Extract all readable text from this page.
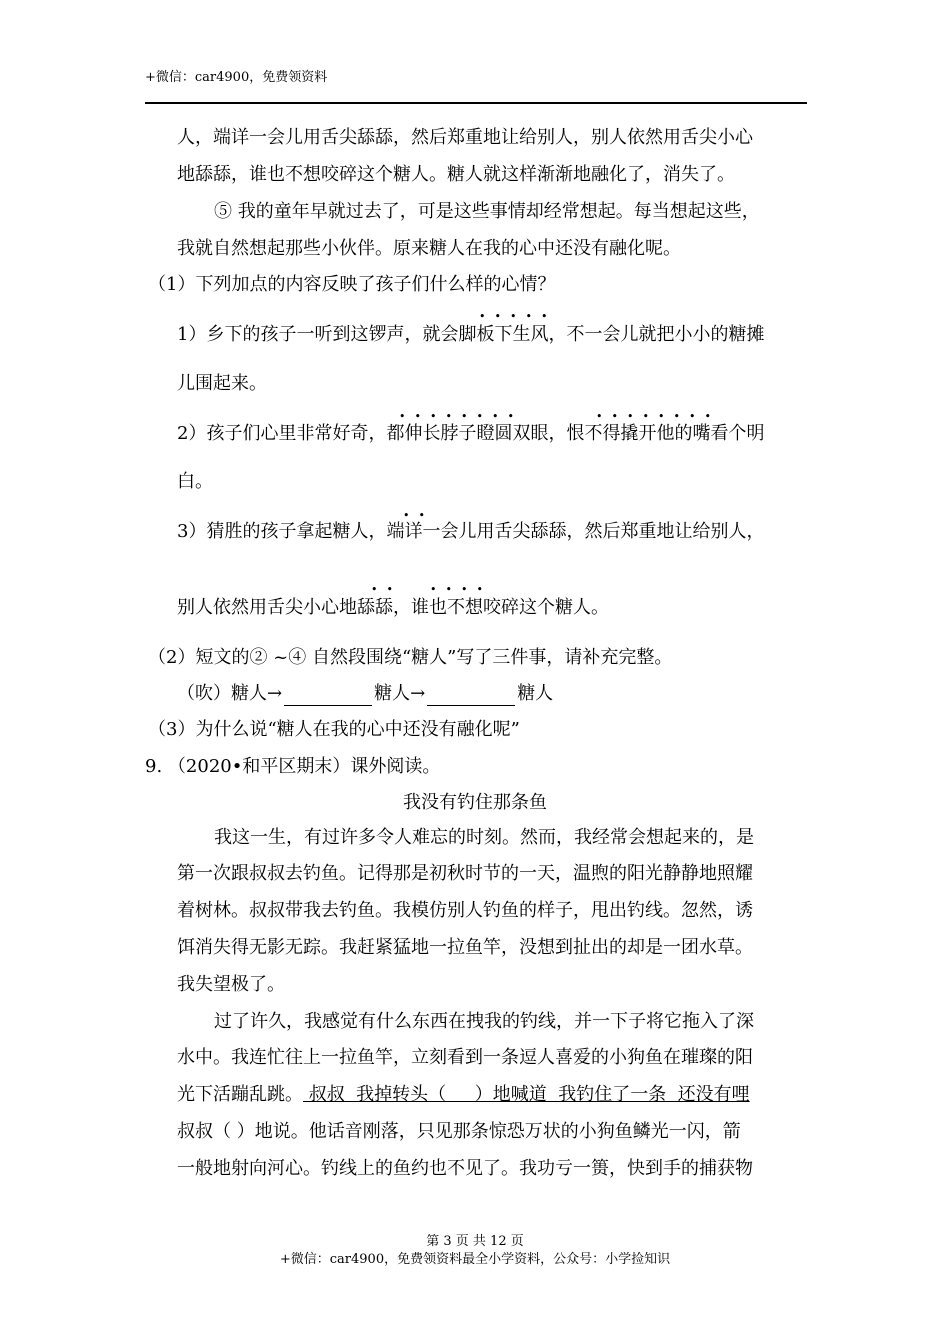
+微信：car4900，免费领资料
人，端详一会儿用舌尖舔舔，然后郑重地让给别人，别人依然用舌尖小心
地舔舔，谁也不想咬碎这个糖人。糖人就这样渐渐地融化了，消失了。
⑤ 我的童年早就过去了，可是这些事情却经常想起。每当想起这些，
我就自然想起那些小伙伴。原来糖人在我的心中还没有融化呢。
（1）下列加点的内容反映了孩子们什么样的心情？
•••••
1）乡下的孩子一听到这锣声，就会脚板下生风，不一会儿就把小小的糖摊
儿围起来。
••••••••	••••••••
2）孩子们心里非常好奇，都伸长脖子瞪圆双眼，恨不得撬开他的嘴看个明
白。
••
3）猜胜的孩子拿起糖人，端详一会儿用舌尖舔舔，然后郑重地让给别人，
••	••••
别人依然用舌尖小心地舔舔，谁也不想咬碎这个糖人。
（2）短文的② ~④ 自然段围绕“糖人”写了三件事，请补充完整。
（吹）糖人→	糖人→	糖人
（3）为什么说“糖人在我的心中还没有融化呢”
9. （2020•和平区期末）课外阅读。
我没有钓住那条鱼
我这一生，有过许多令人难忘的时刻。然而，我经常会想起来的，是
第一次跟叔叔去钓鱼。记得那是初秋时节的一天，温煦的阳光静静地照耀
着树林。叔叔带我去钓鱼。我模仿别人钓鱼的样子，甩出钓线。忽然，诱
饵消失得无影无踪。我赶紧猛地一拉鱼竿，没想到扯出的却是一团水草。
我失望极了。
过了许久，我感觉有什么东西在拽我的钓线，并一下子将它拖入了深
水中。我连忙往上一拉鱼竿，立刻看到一条逗人喜爱的小狗鱼在璀璨的阳
光下活蹦乱跳。 叔叔  我掉转头（     ）地喊道  我钓住了一条  还没有哩
叔叔（ ）地说。他话音刚落，只见那条惊恐万状的小狗鱼鳞光一闪，箭
一般地射向河心。钓线上的鱼约也不见了。我功亏一篑，快到手的捕获物
第 3 页 共 12 页
+微信：car4900，免费领资料最全小学资料，公众号：小学捡知识
